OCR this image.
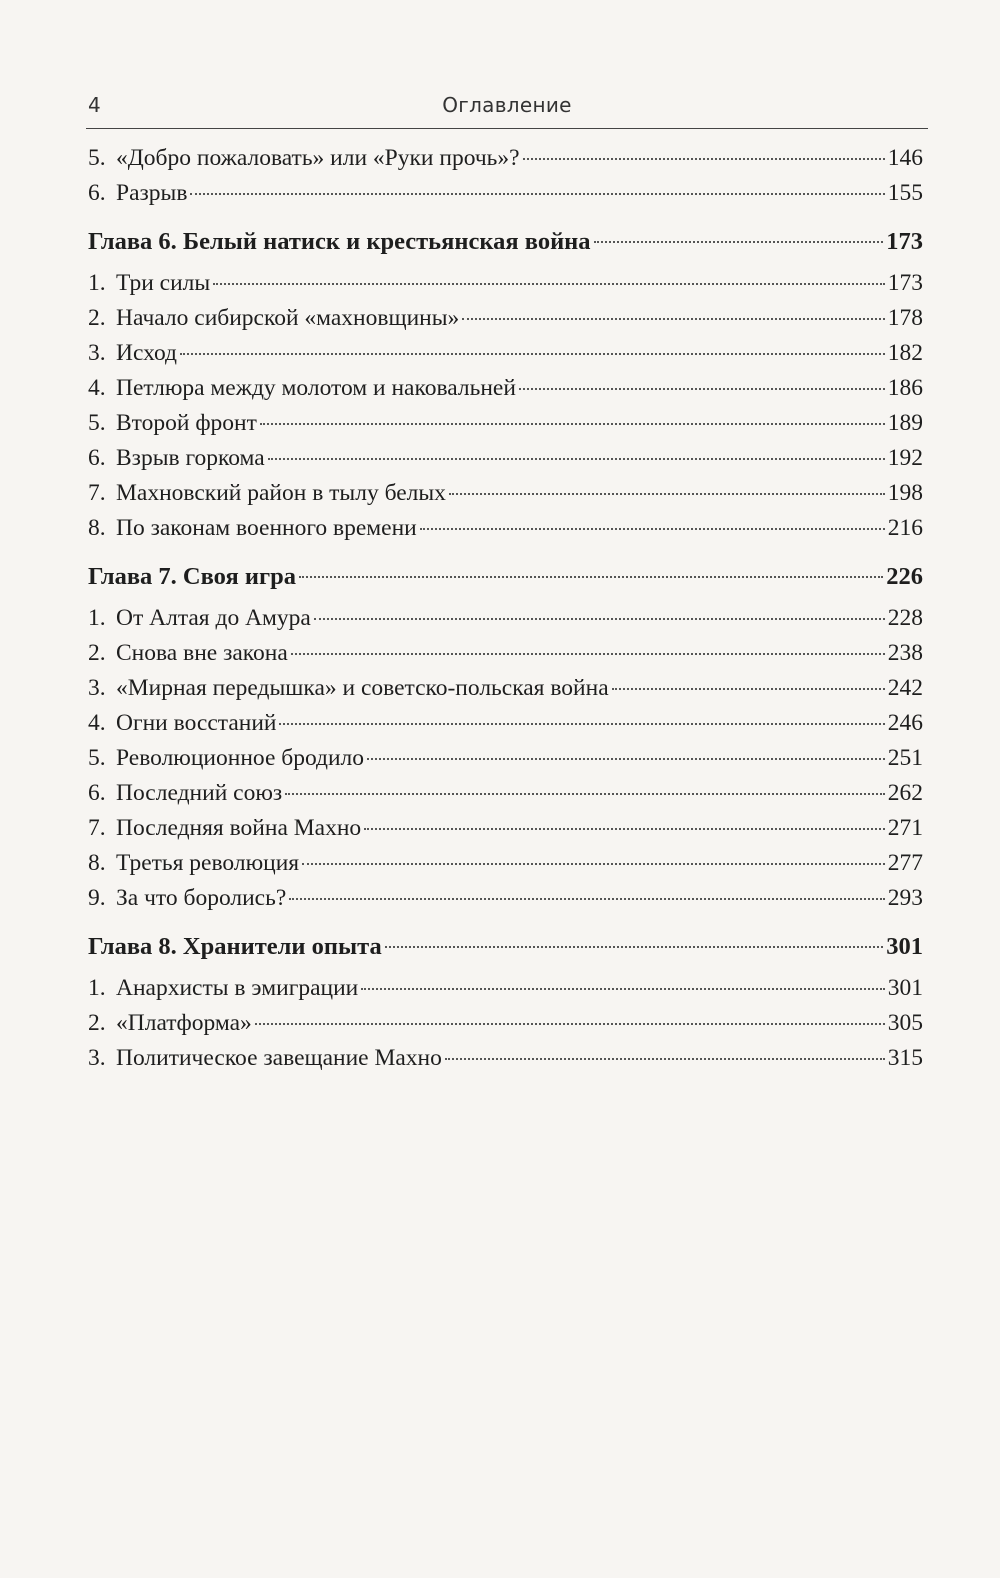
4	Оглавление
5. «Добро пожаловать» или «Руки прочь»?	146
6. Разрыв	155
Глава 6. Белый натиск и крестьянская война	173
1. Три силы	173
2. Начало сибирской «махновщины»	178
3. Исход	182
4. Петлюра между молотом и наковальней	186
5. Второй фронт	189
6. Взрыв горкома	192
7. Махновский район в тылу белых	198
8. По законам военного времени	216
Глава 7. Своя игра	226
1. От Алтая до Амура	228
2. Снова вне закона	238
3. «Мирная передышка» и советско-польская война	242
4. Огни восстаний	246
5. Революционное бродило	251
6. Последний союз	262
7. Последняя война Махно	271
8. Третья революция	277
9. За что боролись?	293
Глава 8. Хранители опыта	301
1. Анархисты в эмиграции	301
2. «Платформа»	305
3. Политическое завещание Махно	315
